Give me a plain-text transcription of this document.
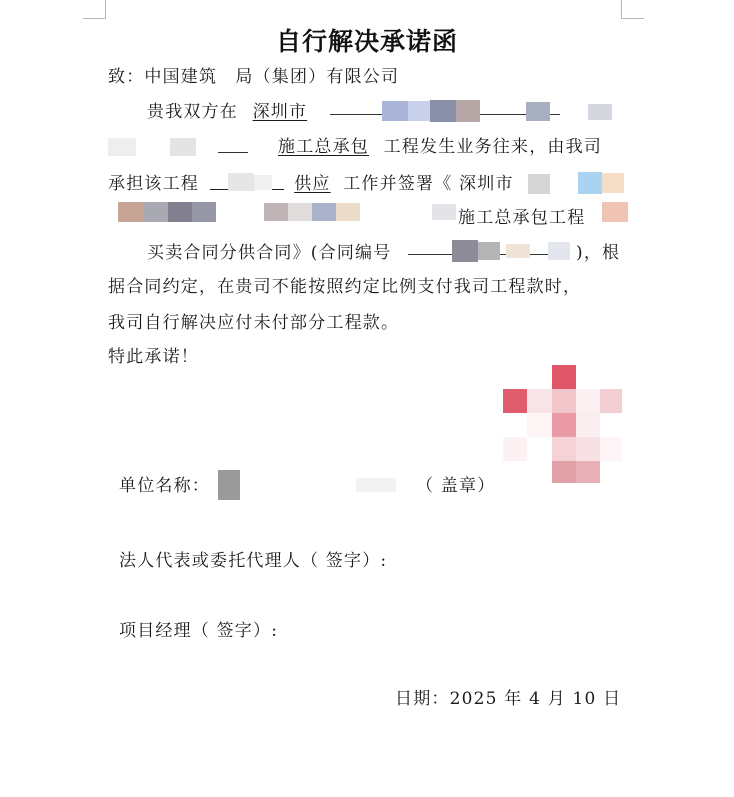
自行解决承诺函
致：中国建筑　局（集团）有限公司
贵我双方在 深圳市
施工总承包 工程发生业务往来，由我司
承担该工程	供应 工作并签署《 深圳市
施工总承包工程
买卖合同分供合同》(合同编号	)，根
据合同约定，在贵司不能按照约定比例支付我司工程款时，
我司自行解决应付未付部分工程款。
特此承诺！
单位名称：	（ 盖章）
法人代表或委托代理人（ 签字）:
项目经理（ 签字）:
日期：2025 年 4 月 10 日
